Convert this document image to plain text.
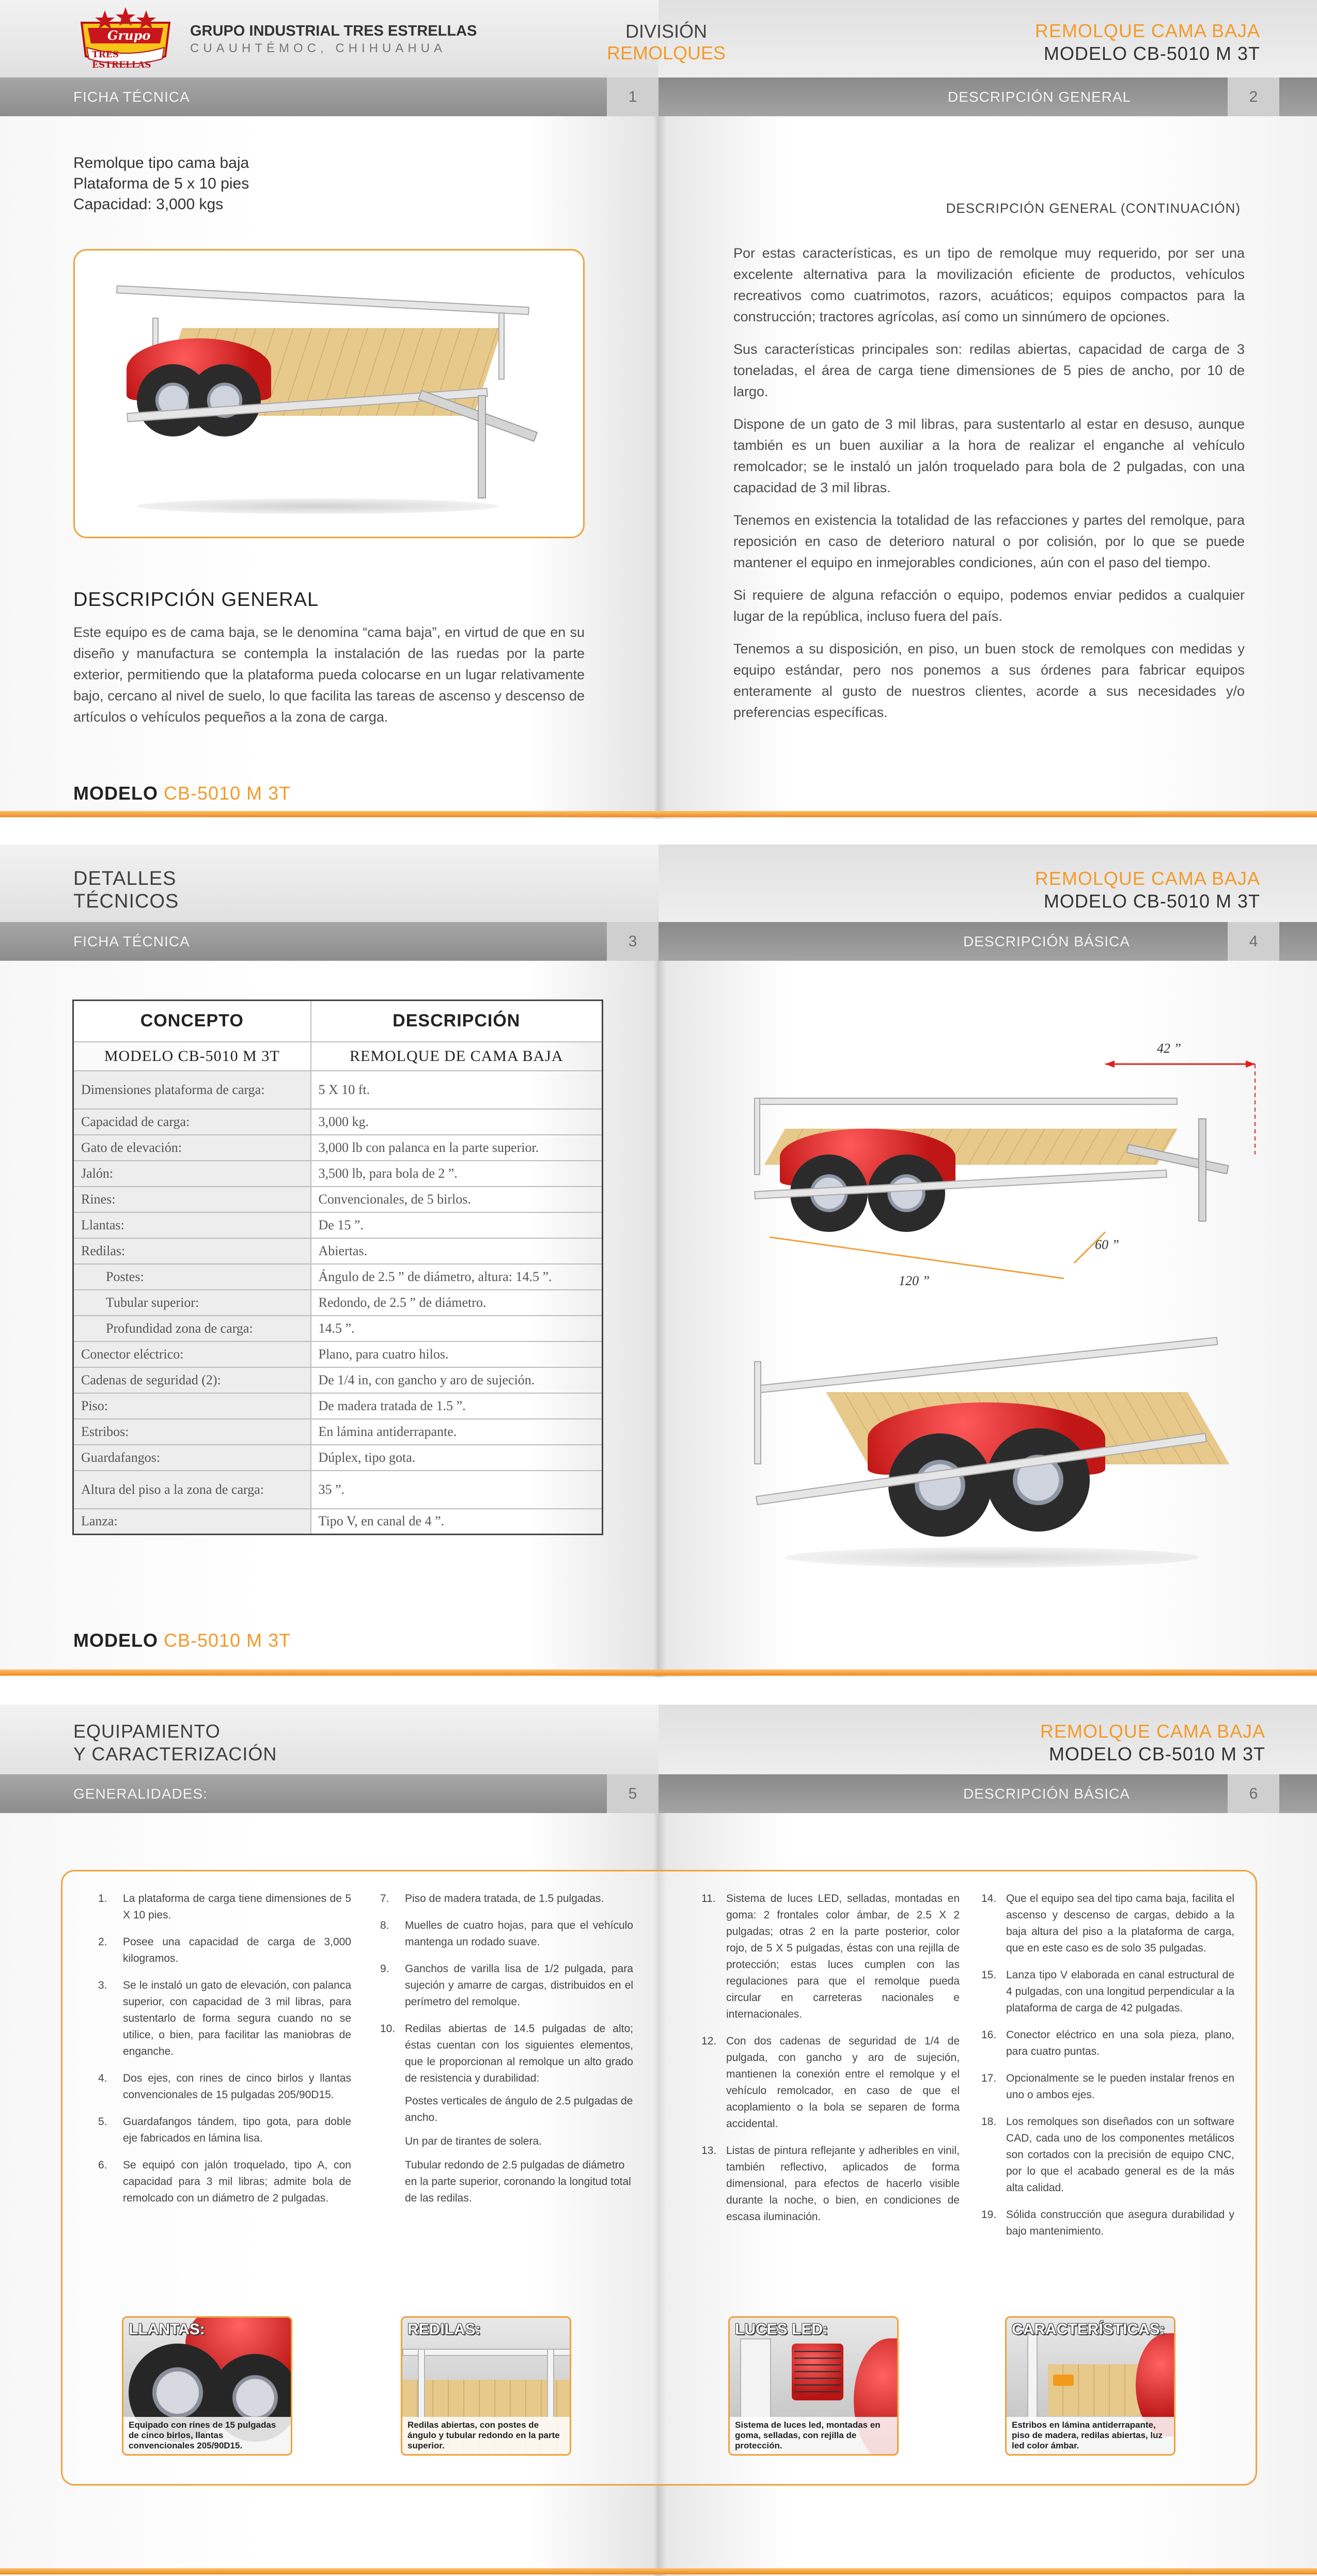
Grupo
TRES ESTRELLAS
GRUPO INDUSTRIAL TRES ESTRELLAS
CUAUHTÉMOC, CHIHUAHUA
DIVISIÓN
REMOLQUES
REMOLQUE CAMA BAJA
MODELO CB-5010 M 3T
FICHA TÉCNICA	1	DESCRIPCIÓN GENERAL	2
Remolque tipo cama baja
Plataforma de 5 x 10 pies
Capacidad: 3,000 kgs
DESCRIPCIÓN GENERAL
Este equipo es de cama baja, se le denomina “cama baja”, en virtud de que en su diseño y manufactura se contempla la instalación de las ruedas por la parte exterior, permitiendo que la plataforma pueda colocarse en un lugar relativamente bajo, cercano al nivel de suelo, lo que facilita las tareas de ascenso y descenso de artículos o vehículos pequeños a la zona de carga.
MODELO CB-5010 M 3T
DESCRIPCIÓN GENERAL (CONTINUACIÓN)

Por estas características, es un tipo de remolque muy requerido, por ser una excelente alternativa para la movilización eficiente de productos, vehículos recreativos como cuatrimotos, razors, acuáticos; equipos compactos para la construcción; tractores agrícolas, así como un sinnúmero de opciones.

Sus características principales son: redilas abiertas, capacidad de carga de 3 toneladas, el área de carga tiene dimensiones de 5 pies de ancho, por 10 de largo.

Dispone de un gato de 3 mil libras, para sustentarlo al estar en desuso, aunque también es un buen auxiliar a la hora de realizar el enganche al vehículo remolcador; se le instaló un jalón troquelado para bola de 2 pulgadas, con una capacidad de 3 mil libras.

Tenemos en existencia la totalidad de las refacciones y partes del remolque, para reposición en caso de deterioro natural o por colisión, por lo que se puede mantener el equipo en inmejorables condiciones, aún con el paso del tiempo.

Si requiere de alguna refacción o equipo, podemos enviar pedidos a cualquier lugar de la república, incluso fuera del país.

Tenemos a su disposición, en piso, un buen stock de remolques con medidas y equipo estándar, pero nos ponemos a sus órdenes para fabricar equipos enteramente al gusto de nuestros clientes, acorde a sus necesidades y/o preferencias específicas.

DETALLES
TÉCNICOS
REMOLQUE CAMA BAJA
MODELO CB-5010 M 3T
FICHA TÉCNICA	3	DESCRIPCIÓN BÁSICA	4
CONCEPTO	DESCRIPCIÓN
MODELO CB-5010 M 3T	REMOLQUE DE CAMA BAJA
Dimensiones plataforma de carga:	5 X 10 ft.
Capacidad de carga:	3,000 kg.
Gato de elevación:	3,000 lb con palanca en la parte superior.
Jalón:	3,500 lb, para bola de 2 ”.
Rines:	Convencionales, de 5 birlos.
Llantas:	De 15 ”.
Redilas:	Abiertas.
Postes:	Ángulo de 2.5 ” de diámetro, altura: 14.5 ”.
Tubular superior:	Redondo, de 2.5 ” de diámetro.
Profundidad zona de carga:	14.5 ”.
Conector eléctrico:	Plano, para cuatro hilos.
Cadenas de seguridad (2):	De 1/4 in, con gancho y aro de sujeción.
Piso:	De madera tratada de 1.5 ”.
Estribos:	En lámina antiderrapante.
Guardafangos:	Dúplex, tipo gota.
Altura del piso a la zona de carga:	35 ”.
Lanza:	Tipo V, en canal de 4 ”.
42 ”
60 ”
120 ”
MODELO CB-5010 M 3T
EQUIPAMIENTO
Y CARACTERIZACIÓN
REMOLQUE CAMA BAJA
MODELO CB-5010 M 3T
GENERALIDADES:	5	DESCRIPCIÓN BÁSICA	6
1. La plataforma de carga tiene dimensiones de 5 X 10 pies.
2. Posee una capacidad de carga de 3,000 kilogramos.
3. Se le instaló un gato de elevación, con palanca superior, con capacidad de 3 mil libras, para sustentarlo de forma segura cuando no se utilice, o bien, para facilitar las maniobras de enganche.
4. Dos ejes, con rines de cinco birlos y llantas convencionales de 15 pulgadas 205/90D15.
5. Guardafangos tándem, tipo gota, para doble eje fabricados en lámina lisa.
6. Se equipó con jalón troquelado, tipo A, con capacidad para 3 mil libras; admite bola de remolcado con un diámetro de 2 pulgadas.
7. Piso de madera tratada, de 1.5 pulgadas.
8. Muelles de cuatro hojas, para que el vehículo mantenga un rodado suave.
9. Ganchos de varilla lisa de 1/2 pulgada, para sujeción y amarre de cargas, distribuidos en el perímetro del remolque.
10. Redilas abiertas de 14.5 pulgadas de alto; éstas cuentan con los siguientes elementos, que le proporcionan al remolque un alto grado de resistencia y durabilidad:
Postes verticales de ángulo de 2.5 pulgadas de ancho.
Un par de tirantes de solera.
Tubular redondo de 2.5 pulgadas de diámetro en la parte superior, coronando la longitud total de las redilas.
11. Sistema de luces LED, selladas, montadas en goma: 2 frontales color ámbar, de 2.5 X 2 pulgadas; otras 2 en la parte posterior, color rojo, de 5 X 5 pulgadas, éstas con una rejilla de protección; estas luces cumplen con las regulaciones para que el remolque pueda circular en carreteras nacionales e internacionales.
12. Con dos cadenas de seguridad de 1/4 de pulgada, con gancho y aro de sujeción, mantienen la conexión entre el remolque y el vehículo remolcador, en caso de que el acoplamiento o la bola se separen de forma accidental.
13. Listas de pintura reflejante y adheribles en vinil, también reflectivo, aplicados de forma dimensional, para efectos de hacerlo visible durante la noche, o bien, en condiciones de escasa iluminación.
14. Que el equipo sea del tipo cama baja, facilita el ascenso y descenso de cargas, debido a la baja altura del piso a la plataforma de carga, que en este caso es de solo 35 pulgadas.
15. Lanza tipo V elaborada en canal estructural de 4 pulgadas, con una longitud perpendicular a la plataforma de carga de 42 pulgadas.
16. Conector eléctrico en una sola pieza, plano, para cuatro puntas.
17. Opcionalmente se le pueden instalar frenos en uno o ambos ejes.
18. Los remolques son diseñados con un software CAD, cada uno de los componentes metálicos son cortados con la precisión de equipo CNC, por lo que el acabado general es de la más alta calidad.
19. Sólida construcción que asegura durabilidad y bajo mantenimiento.
LLANTAS:
Equipado con rines de 15 pulgadas de cinco birlos, llantas convencionales 205/90D15.
REDILAS:
Redilas abiertas, con postes de ángulo y tubular redondo en la parte superior.
LUCES LED:
Sistema de luces led, montadas en goma, selladas, con rejilla de protección.
CARACTERÍSTICAS:
Estribos en lámina antiderrapante, piso de madera, redilas abiertas, luz led color ámbar.
